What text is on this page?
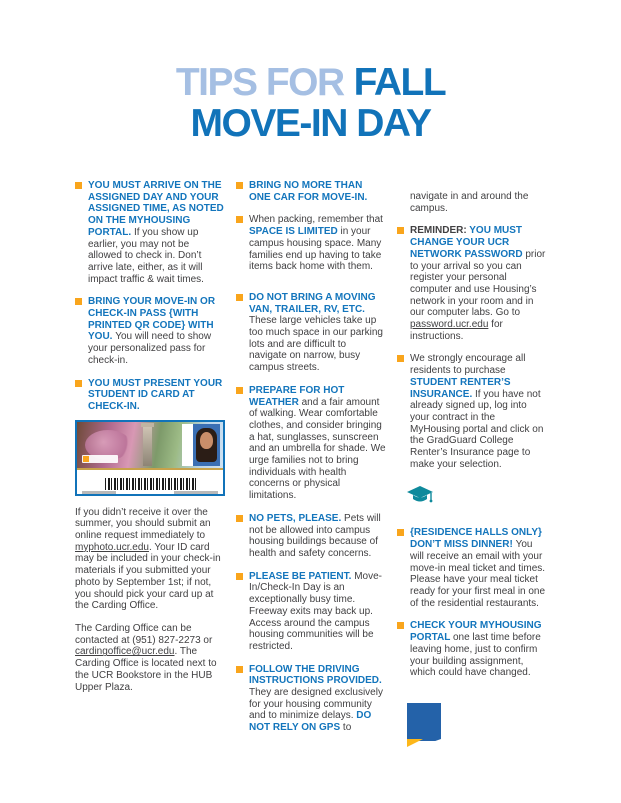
TIPS FOR FALL
MOVE-IN DAY
YOU MUST ARRIVE ON THE ASSIGNED DAY AND YOUR ASSIGNED TIME, AS NOTED ON THE MYHOUSING PORTAL. If you show up earlier, you may not be allowed to check in. Don’t arrive late, either, as it will impact traffic & wait times.
BRING YOUR MOVE-IN OR CHECK-IN PASS {WITH PRINTED QR CODE} WITH YOU. You will need to show your personalized pass for check-in.
YOU MUST PRESENT YOUR STUDENT ID CARD AT CHECK-IN.
If you didn’t receive it over the summer, you should submit an online request immediately to myphoto.ucr.edu. Your ID card may be included in your check-in materials if you submitted your photo by September 1st; if not, you should pick your card up at the Carding Office.
The Carding Office can be contacted at (951) 827-2273 or cardingoffice@ucr.edu. The Carding Office is located next to the UCR Bookstore in the HUB Upper Plaza.
BRING NO MORE THAN ONE CAR FOR MOVE-IN.
When packing, remember that SPACE IS LIMITED in your campus housing space. Many families end up having to take items back home with them.
DO NOT BRING A MOVING VAN, TRAILER, RV, ETC. These large vehicles take up too much space in our parking lots and are difficult to navigate on narrow, busy campus streets.
PREPARE FOR HOT WEATHER and a fair amount of walking. Wear comfortable clothes, and consider bringing a hat, sunglasses, sunscreen and an umbrella for shade. We urge families not to bring individuals with health concerns or physical limitations.
NO PETS, PLEASE. Pets will not be allowed into campus housing buildings because of health and safety concerns.
PLEASE BE PATIENT. Move-In/Check-In Day is an exceptionally busy time. Freeway exits may back up. Access around the campus housing communities will be restricted.
FOLLOW THE DRIVING INSTRUCTIONS PROVIDED. They are designed exclusively for your housing community and to minimize delays. DO NOT RELY ON GPS to
navigate in and around the campus.
REMINDER: YOU MUST CHANGE YOUR UCR NETWORK PASSWORD prior to your arrival so you can register your personal computer and use Housing’s network in your room and in our computer labs. Go to password.ucr.edu for instructions.
We strongly encourage all residents to purchase STUDENT RENTER’S INSURANCE. If you have not already signed up, log into your contract in the MyHousing portal and click on the GradGuard College Renter’s Insurance page to make your selection.
{RESIDENCE HALLS ONLY} DON’T MISS DINNER! You will receive an email with your move-in meal ticket and times. Please have your meal ticket ready for your first meal in one of the residential restaurants.
CHECK YOUR MYHOUSING PORTAL one last time before leaving home, just to confirm your building assignment, which could have changed.
